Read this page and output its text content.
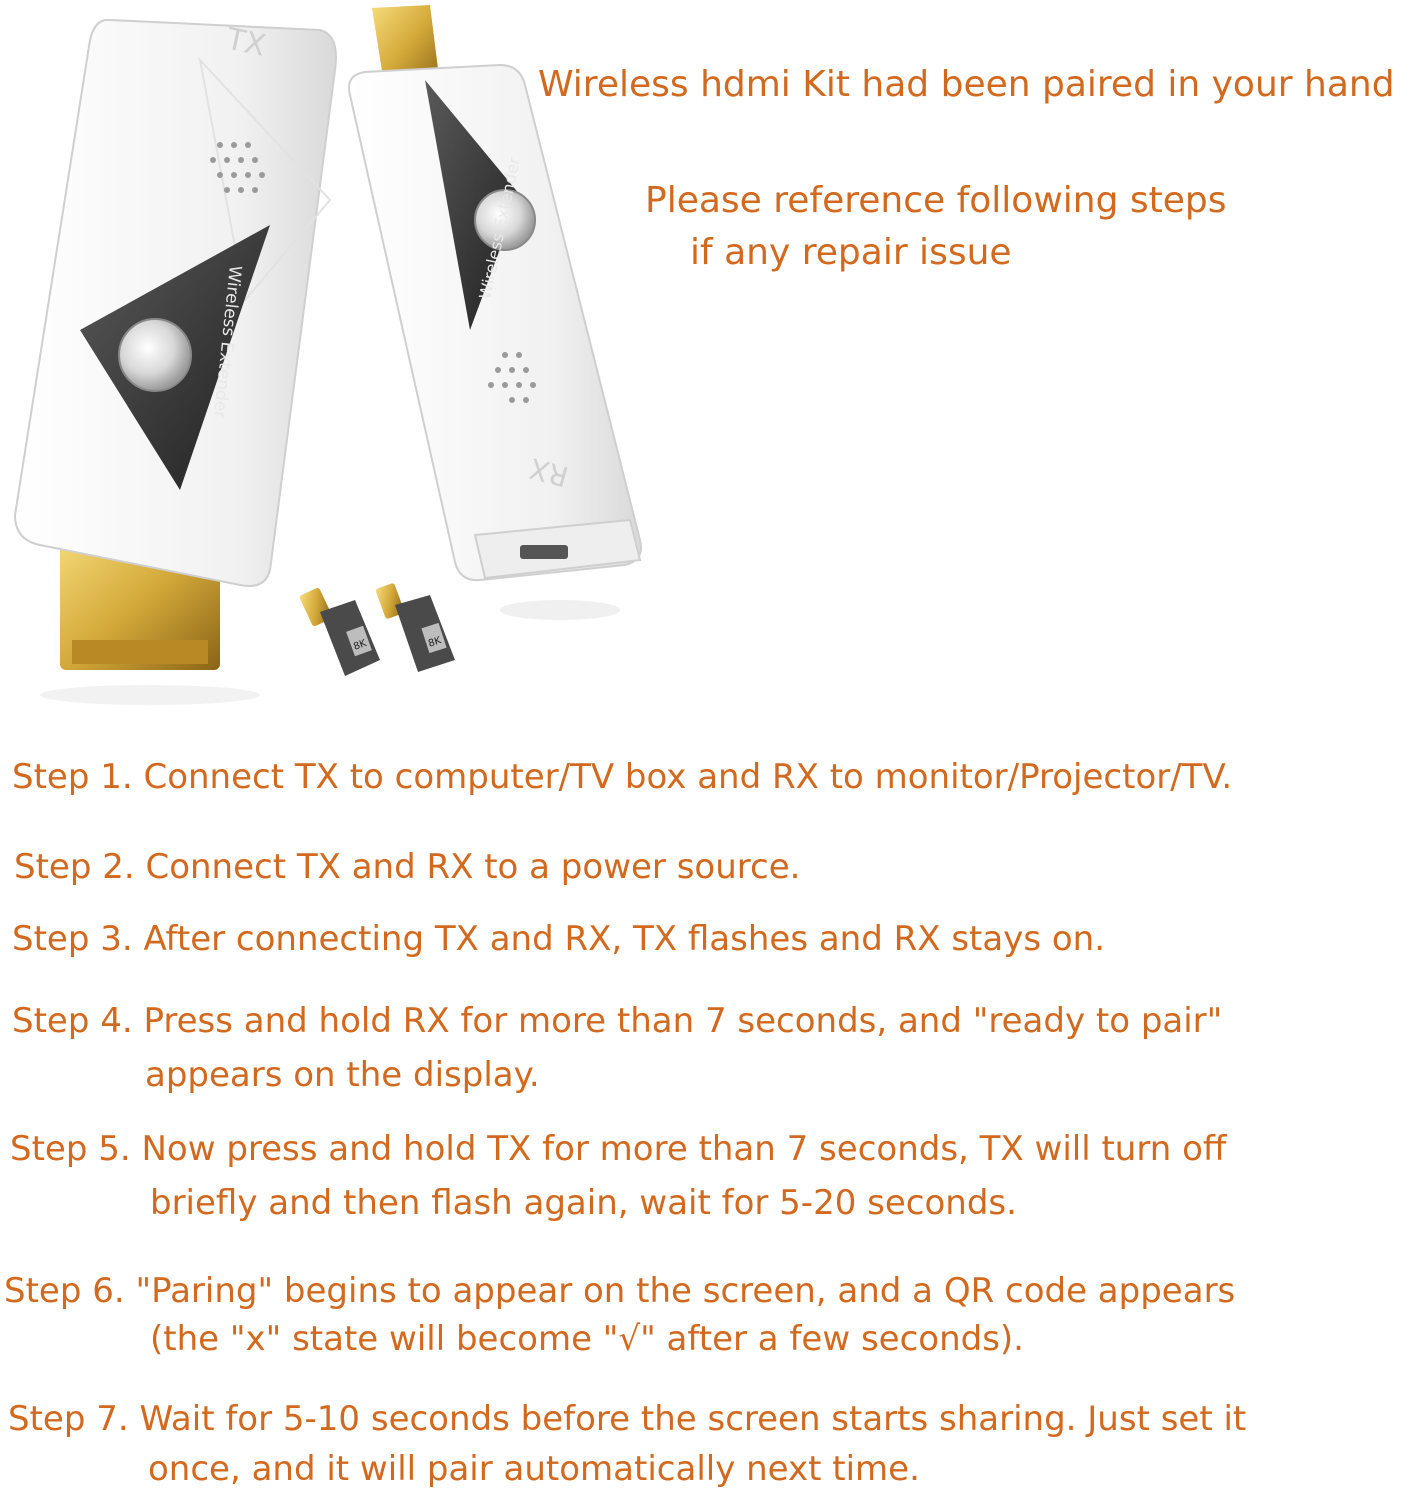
TX
Wireless Extender
RX
Wireless Extender
8K	8K
Wireless hdmi Kit had been paired in your hand
Please reference following steps
if any repair issue
Step 1. Connect TX to computer/TV box and RX to monitor/Projector/TV.
Step 2. Connect TX and RX to a power source.
Step 3. After connecting TX and RX, TX flashes and RX stays on.
Step 4. Press and hold RX for more than 7 seconds, and "ready to pair"
appears on the display.
Step 5. Now press and hold TX for more than 7 seconds, TX will turn off
briefly and then flash again, wait for 5-20 seconds.
Step 6. "Paring" begins to appear on the screen, and a QR code appears
(the "x" state will become "√" after a few seconds).
Step 7. Wait for 5-10 seconds before the screen starts sharing. Just set it
once, and it will pair automatically next time.
